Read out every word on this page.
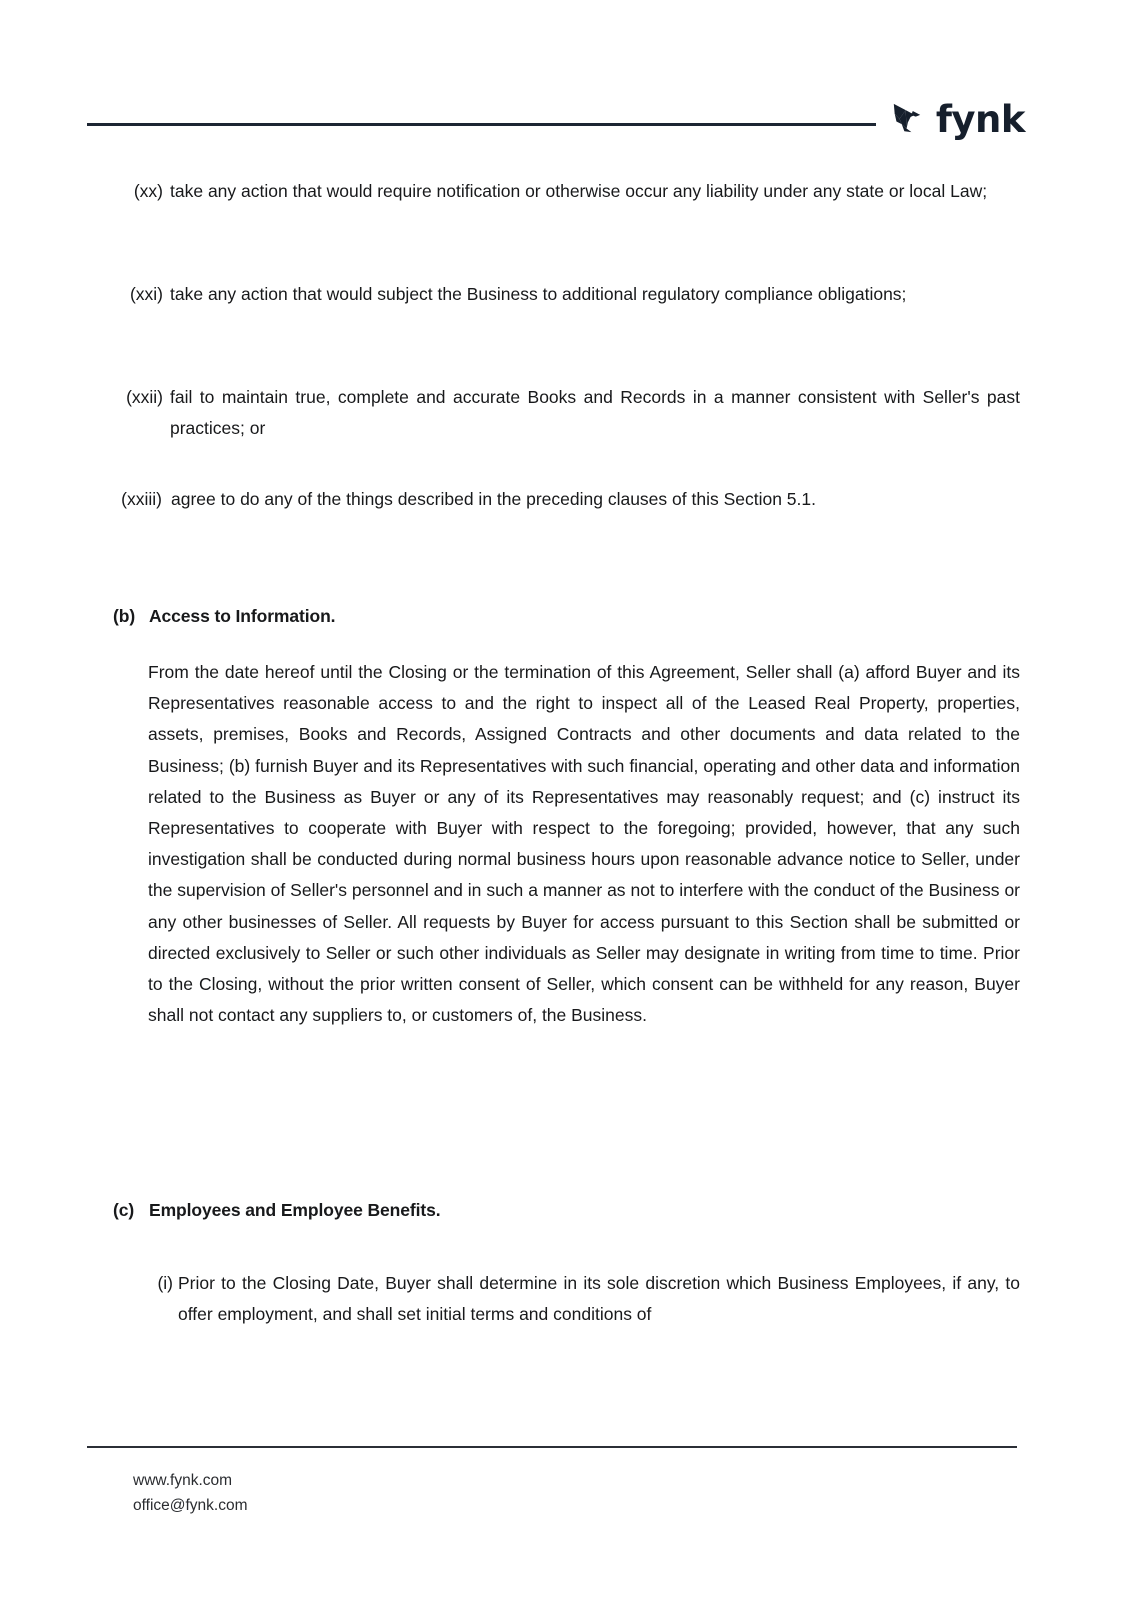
fynk
(xx) take any action that would require notification or otherwise occur any liability under any state or local Law;
(xxi) take any action that would subject the Business to additional regulatory compliance obligations;
(xxii) fail to maintain true, complete and accurate Books and Records in a manner consistent with Seller's past practices; or
(xxiii) agree to do any of the things described in the preceding clauses of this Section 5.1.
(b) Access to Information.
From the date hereof until the Closing or the termination of this Agreement, Seller shall (a) afford Buyer and its Representatives reasonable access to and the right to inspect all of the Leased Real Property, properties, assets, premises, Books and Records, Assigned Contracts and other documents and data related to the Business; (b) furnish Buyer and its Representatives with such financial, operating and other data and information related to the Business as Buyer or any of its Representatives may reasonably request; and (c) instruct its Representatives to cooperate with Buyer with respect to the foregoing; provided, however, that any such investigation shall be conducted during normal business hours upon reasonable advance notice to Seller, under the supervision of Seller's personnel and in such a manner as not to interfere with the conduct of the Business or any other businesses of Seller. All requests by Buyer for access pursuant to this Section shall be submitted or directed exclusively to Seller or such other individuals as Seller may designate in writing from time to time. Prior to the Closing, without the prior written consent of Seller, which consent can be withheld for any reason, Buyer shall not contact any suppliers to, or customers of, the Business.
(c) Employees and Employee Benefits.
(i) Prior to the Closing Date, Buyer shall determine in its sole discretion which Business Employees, if any, to offer employment, and shall set initial terms and conditions of
www.fynk.com
office@fynk.com
